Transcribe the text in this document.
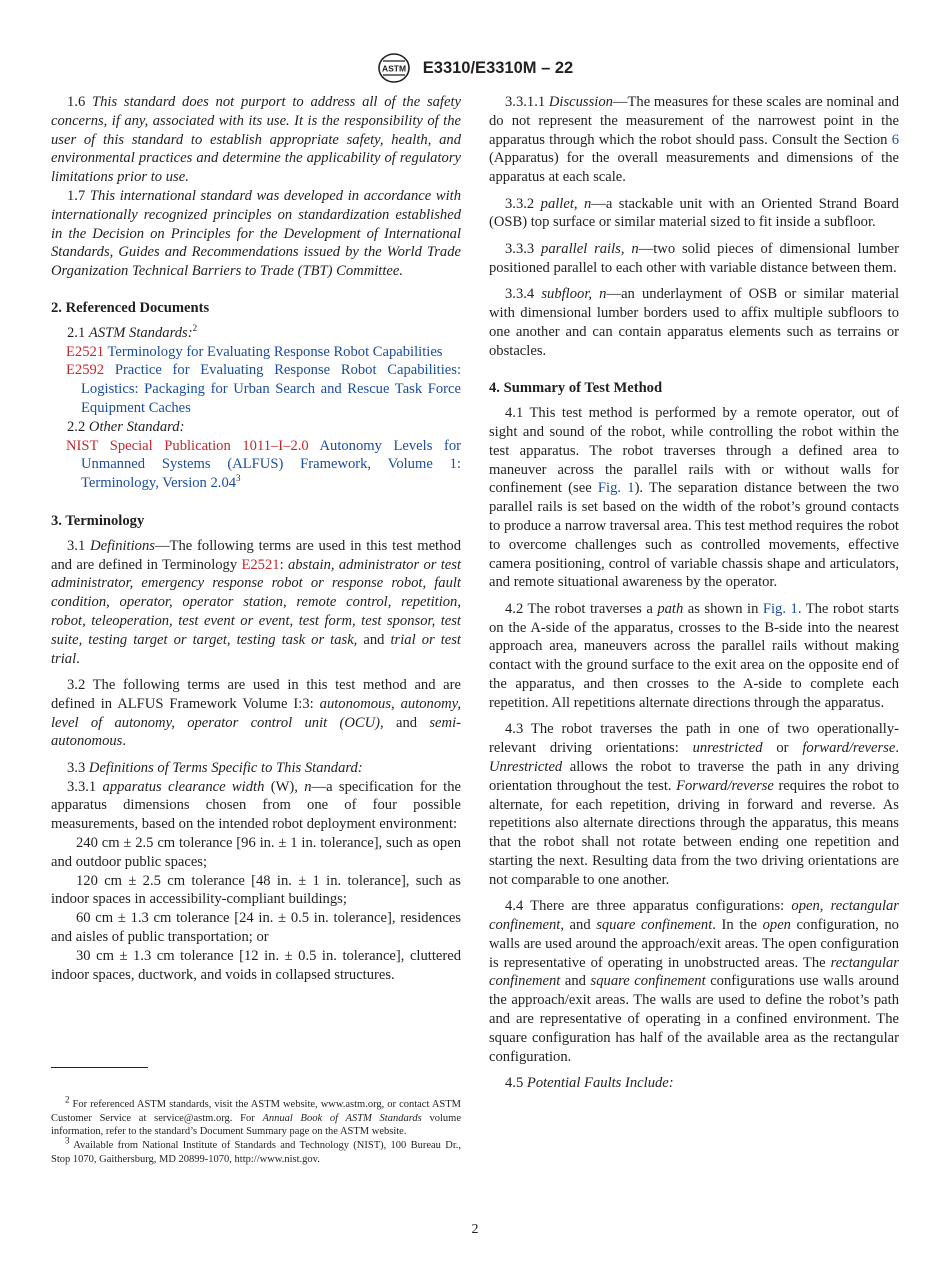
ASTM E3310/E3310M – 22

1.6 This standard does not purport to address all of the safety concerns, if any, associated with its use. It is the responsibility of the user of this standard to establish appropriate safety, health, and environmental practices and determine the applicability of regulatory limitations prior to use.

1.7 This international standard was developed in accordance with internationally recognized principles on standardization established in the Decision on Principles for the Development of International Standards, Guides and Recommendations issued by the World Trade Organization Technical Barriers to Trade (TBT) Committee.

2. Referenced Documents

2.1 ASTM Standards:$^2$

E2521 Terminology for Evaluating Response Robot Capabilities

E2592 Practice for Evaluating Response Robot Capabilities: Logistics: Packaging for Urban Search and Rescue Task Force Equipment Caches

2.2 Other Standard:

NIST Special Publication 1011–I–2.0 Autonomy Levels for Unmanned Systems (ALFUS) Framework, Volume 1: Terminology, Version 2.04$^3$

3. Terminology

3.1 Definitions—The following terms are used in this test method and are defined in Terminology E2521: abstain, administrator or test administrator, emergency response robot or response robot, fault condition, operator, operator station, remote control, repetition, robot, teleoperation, test event or event, test form, test sponsor, test suite, testing target or target, testing task or task, and trial or test trial.

3.2 The following terms are used in this test method and are defined in ALFUS Framework Volume I:3: autonomous, autonomy, level of autonomy, operator control unit (OCU), and semi-autonomous.

3.3 Definitions of Terms Specific to This Standard:

3.3.1 apparatus clearance width (W), n—a specification for the apparatus dimensions chosen from one of four possible measurements, based on the intended robot deployment environment:

240 cm ± 2.5 cm tolerance [96 in. ± 1 in. tolerance], such as open and outdoor public spaces;

120 cm ± 2.5 cm tolerance [48 in. ± 1 in. tolerance], such as indoor spaces in accessibility-compliant buildings;

60 cm ± 1.3 cm tolerance [24 in. ± 0.5 in. tolerance], residences and aisles of public transportation; or

30 cm ± 1.3 cm tolerance [12 in. ± 0.5 in. tolerance], cluttered indoor spaces, ductwork, and voids in collapsed structures.

$^2$ For referenced ASTM standards, visit the ASTM website, www.astm.org, or contact ASTM Customer Service at service@astm.org. For Annual Book of ASTM Standards volume information, refer to the standard’s Document Summary page on the ASTM website.

$^3$ Available from National Institute of Standards and Technology (NIST), 100 Bureau Dr., Stop 1070, Gaithersburg, MD 20899-1070, http://www.nist.gov.

3.3.1.1 Discussion—The measures for these scales are nominal and do not represent the measurement of the narrowest point in the apparatus through which the robot should pass. Consult the Section 6 (Apparatus) for the overall measurements and dimensions of the apparatus at each scale.

3.3.2 pallet, n—a stackable unit with an Oriented Strand Board (OSB) top surface or similar material sized to fit inside a subfloor.

3.3.3 parallel rails, n—two solid pieces of dimensional lumber positioned parallel to each other with variable distance between them.

3.3.4 subfloor, n—an underlayment of OSB or similar material with dimensional lumber borders used to affix multiple subfloors to one another and can contain apparatus elements such as terrains or obstacles.

4. Summary of Test Method

4.1 This test method is performed by a remote operator, out of sight and sound of the robot, while controlling the robot within the test apparatus. The robot traverses through a defined area to maneuver across the parallel rails with or without walls for confinement (see Fig. 1). The separation distance between the two parallel rails is set based on the width of the robot’s ground contacts to produce a narrow traversal area. This test method requires the robot to overcome challenges such as controlled movements, effective camera positioning, control of variable chassis shape and articulators, and remote situational awareness by the operator.

4.2 The robot traverses a path as shown in Fig. 1. The robot starts on the A-side of the apparatus, crosses to the B-side into the nearest approach area, maneuvers across the parallel rails without making contact with the ground surface to the exit area on the opposite end of the apparatus, and then crosses to the A-side to complete each repetition. All repetitions alternate directions through the apparatus.

4.3 The robot traverses the path in one of two operationally-relevant driving orientations: unrestricted or forward/reverse. Unrestricted allows the robot to traverse the path in any driving orientation throughout the test. Forward/reverse requires the robot to alternate, for each repetition, driving in forward and reverse. As repetitions also alternate directions through the apparatus, this means that the robot shall not rotate between ending one repetition and starting the next. Resulting data from the two driving orientations are not comparable to one another.

4.4 There are three apparatus configurations: open, rectangular confinement, and square confinement. In the open configuration, no walls are used around the approach/exit areas. The open configuration is representative of operating in unobstructed areas. The rectangular confinement and square confinement configurations use walls around the approach/exit areas. The walls are used to define the robot’s path and are representative of operating in a confined environment. The square configuration has half of the available area as the rectangular configuration.

4.5 Potential Faults Include:

2
